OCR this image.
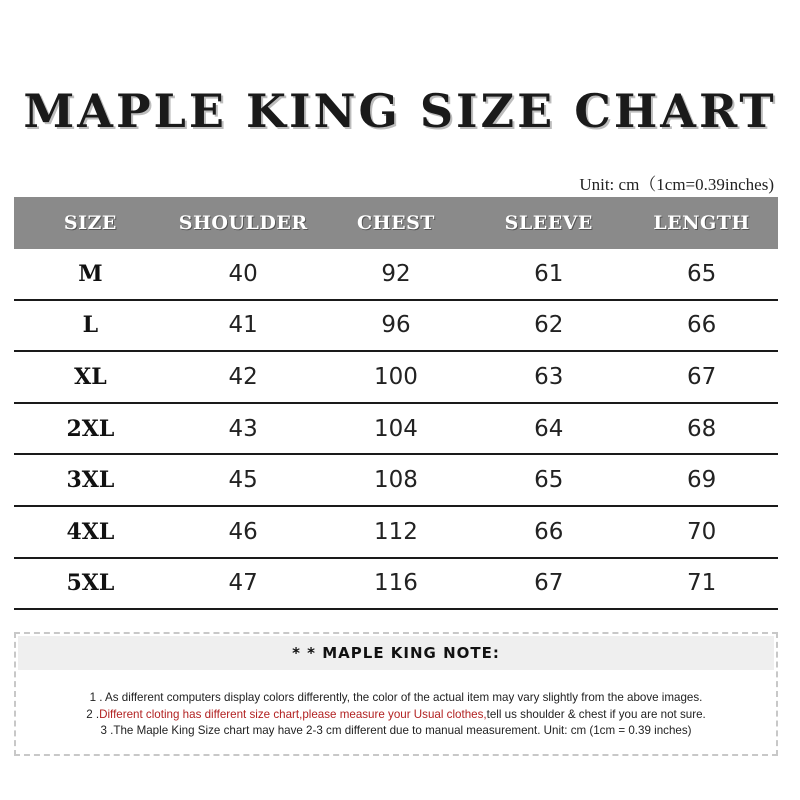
MAPLE KING SIZE CHART
Unit: cm（1cm=0.39inches)
SIZE	SHOULDER	CHEST	SLEEVE	LENGTH
M	40	92	61	65
L	41	96	62	66
XL	42	100	63	67
2XL	43	104	64	68
3XL	45	108	65	69
4XL	46	112	66	70
5XL	47	116	67	71
* * MAPLE KING NOTE:
1 . As different computers display colors differently, the color of the actual item may vary slightly from the above images.
2 .Different cloting has different size chart,please measure your Usual clothes,tell us shoulder & chest if you are not sure.
3 .The Maple King Size chart may have 2-3 cm different due to manual measurement. Unit: cm (1cm = 0.39 inches)
